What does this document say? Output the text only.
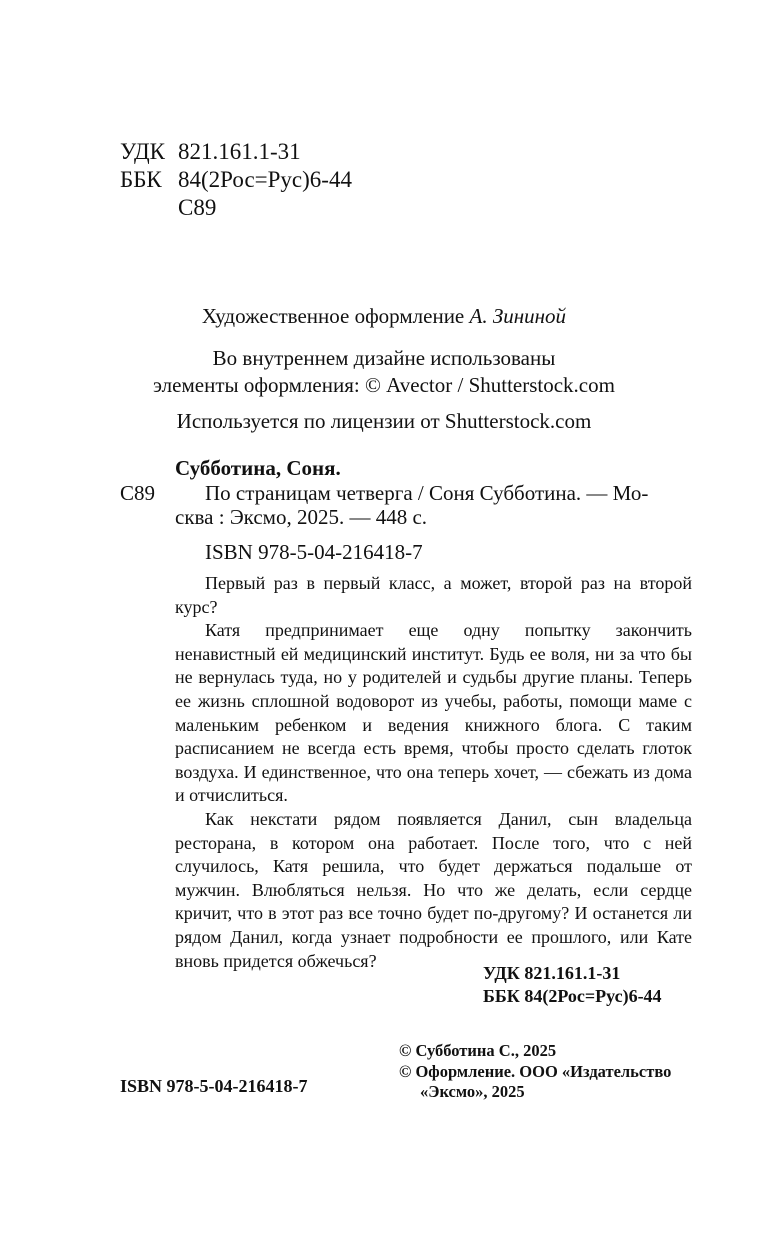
УДК 821.161.1-31
ББК 84(2Рос=Рус)6-44
С89
Художественное оформление А. Зининой
Во внутреннем дизайне использованы
элементы оформления: © Avector / Shutterstock.com
Используется по лицензии от Shutterstock.com
Субботина, Соня.
С89 По страницам четверга / Соня Субботина. — Мо-
сква : Эксмо, 2025. — 448 с.
ISBN 978-5-04-216418-7

Первый раз в первый класс, а может, второй раз на второй курс?

Катя предпринимает еще одну попытку закончить ненавистный ей медицинский институт. Будь ее воля, ни за что бы не вернулась туда, но у родителей и судьбы другие планы. Теперь ее жизнь сплошной водоворот из учебы, работы, помощи маме с маленьким ребенком и ведения книжного блога. С таким расписанием не всегда есть время, чтобы просто сделать глоток воздуха. И единственное, что она теперь хочет, — сбежать из дома и отчислиться.

Как некстати рядом появляется Данил, сын владельца ресторана, в котором она работает. После того, что с ней случилось, Катя решила, что будет держаться подальше от мужчин. Влюбляться нельзя. Но что же делать, если сердце кричит, что в этот раз все точно будет по-другому? И останется ли рядом Данил, когда узнает подробности ее прошлого, или Кате вновь придется обжечься?

УДК 821.161.1-31
ББК 84(2Рос=Рус)6-44
© Субботина С., 2025
© Оформление. ООО «Издательство
«Эксмо», 2025
ISBN 978-5-04-216418-7
